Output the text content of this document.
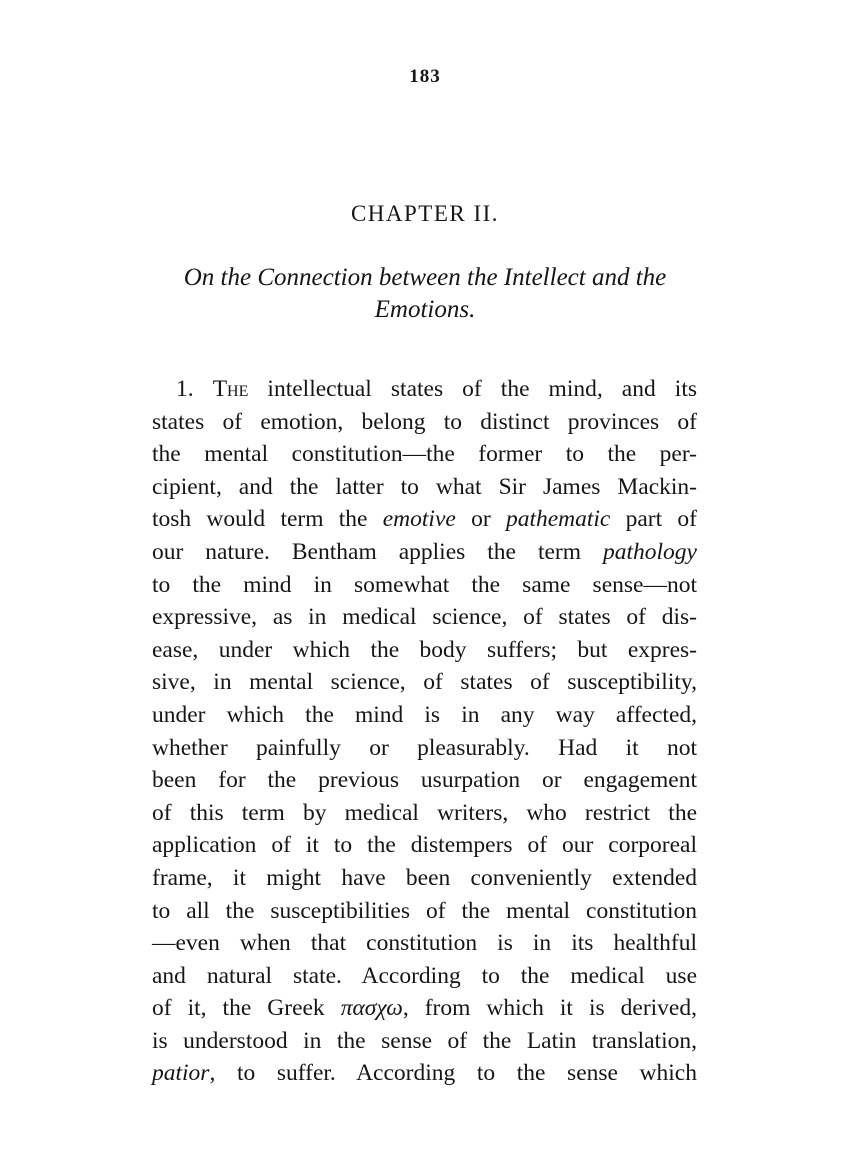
183
CHAPTER II.
On the Connection between the Intellect and the
Emotions.
1. The intellectual states of the mind, and its
states of emotion, belong to distinct provinces of
the mental constitution—the former to the per-
cipient, and the latter to what Sir James Mackin-
tosh would term the emotive or pathematic part of
our nature. Bentham applies the term pathology
to the mind in somewhat the same sense—not
expressive, as in medical science, of states of dis-
ease, under which the body suffers; but expres-
sive, in mental science, of states of susceptibility,
under which the mind is in any way affected,
whether painfully or pleasurably. Had it not
been for the previous usurpation or engagement
of this term by medical writers, who restrict the
application of it to the distempers of our corporeal
frame, it might have been conveniently extended
to all the susceptibilities of the mental constitution
—even when that constitution is in its healthful
and natural state. According to the medical use
of it, the Greek πασχω, from which it is derived,
is understood in the sense of the Latin translation,
patior, to suffer. According to the sense which
